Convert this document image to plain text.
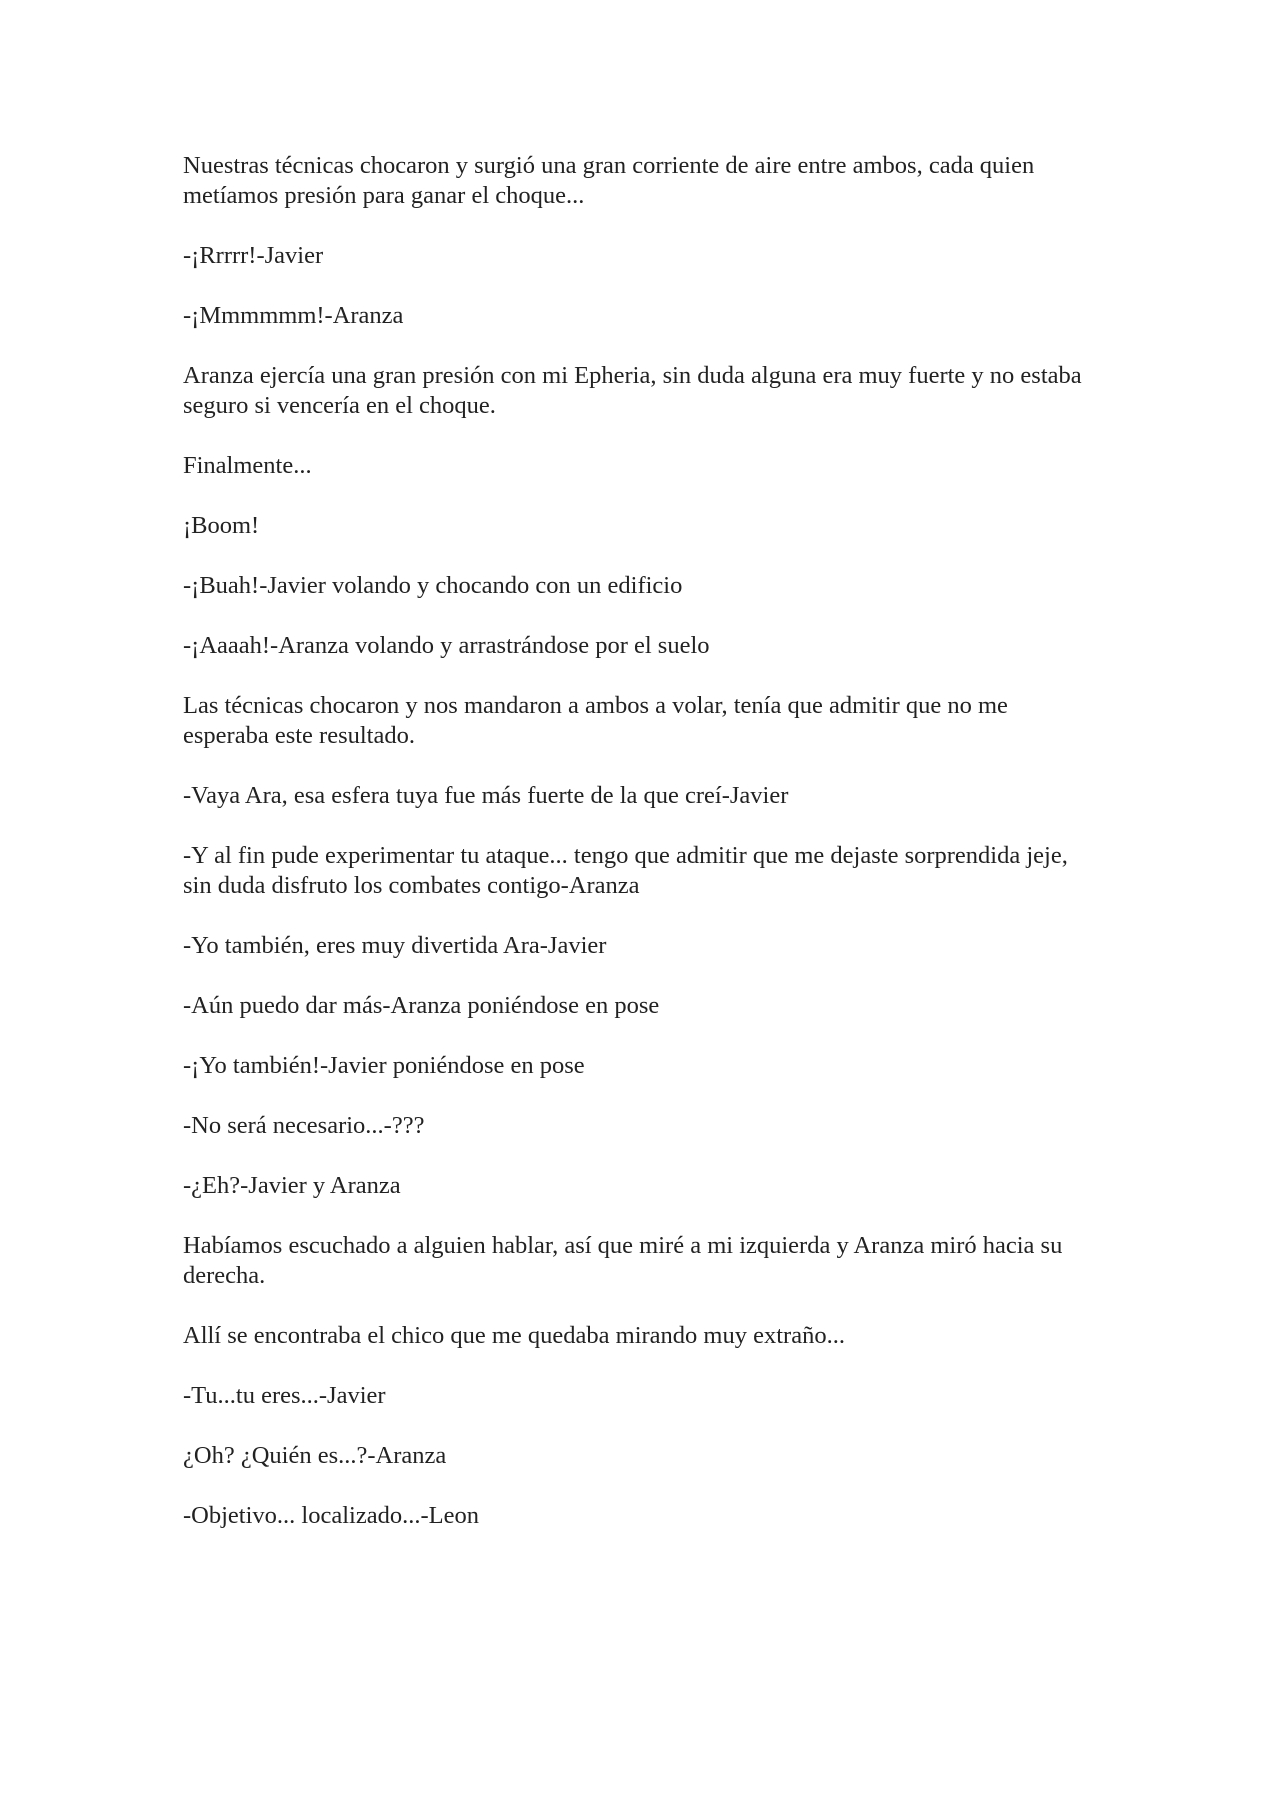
Nuestras técnicas chocaron y surgió una gran corriente de aire entre ambos, cada quien metíamos presión para ganar el choque...

-¡Rrrrr!-Javier

-¡Mmmmmm!-Aranza

Aranza ejercía una gran presión con mi Epheria, sin duda alguna era muy fuerte y no estaba seguro si vencería en el choque.

Finalmente...

¡Boom!

-¡Buah!-Javier volando y chocando con un edificio

-¡Aaaah!-Aranza volando y arrastrándose por el suelo

Las técnicas chocaron y nos mandaron a ambos a volar, tenía que admitir que no me esperaba este resultado.

-Vaya Ara, esa esfera tuya fue más fuerte de la que creí-Javier

-Y al fin pude experimentar tu ataque... tengo que admitir que me dejaste sorprendida jeje, sin duda disfruto los combates contigo-Aranza

-Yo también, eres muy divertida Ara-Javier

-Aún puedo dar más-Aranza poniéndose en pose

-¡Yo también!-Javier poniéndose en pose

-No será necesario...-???

-¿Eh?-Javier y Aranza

Habíamos escuchado a alguien hablar, así que miré a mi izquierda y Aranza miró hacia su derecha.

Allí se encontraba el chico que me quedaba mirando muy extraño...

-Tu...tu eres...-Javier

¿Oh? ¿Quién es...?-Aranza

-Objetivo... localizado...-Leon
